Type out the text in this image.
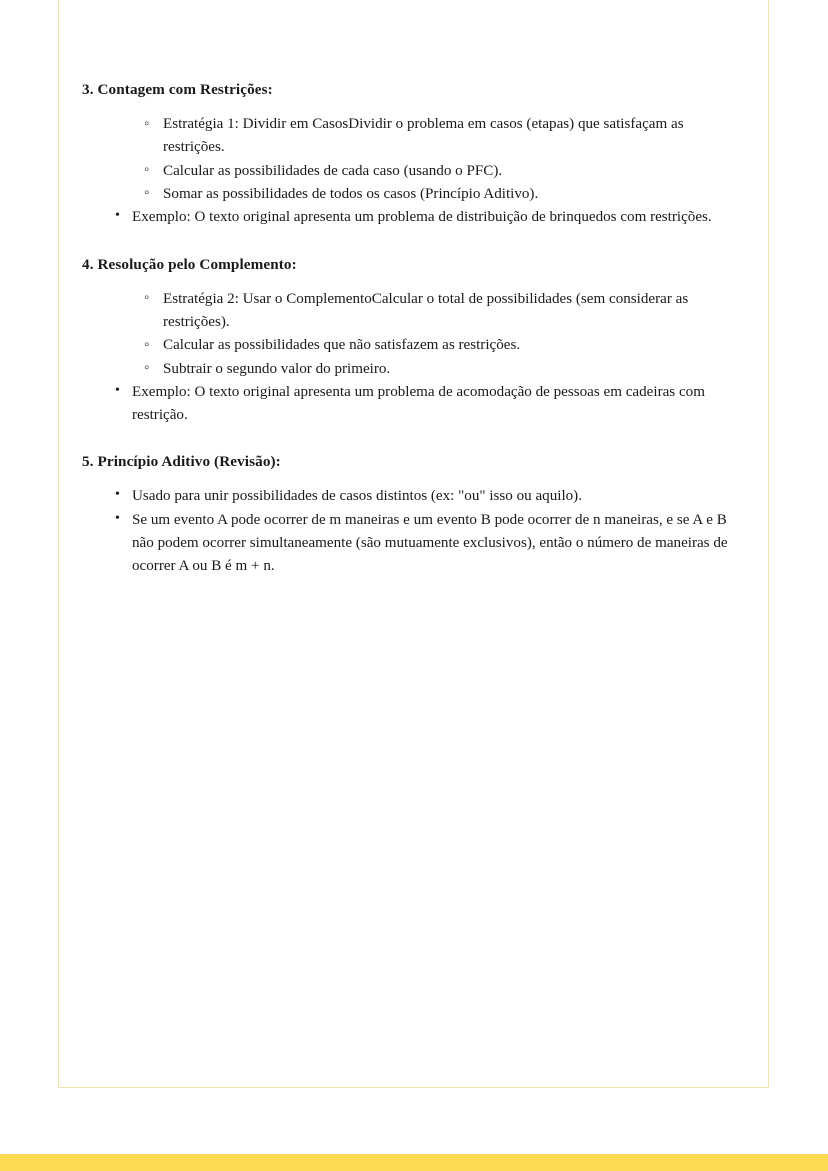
3. Contagem com Restrições:
◦ Estratégia 1: Dividir em CasosDividir o problema em casos (etapas) que satisfaçam as restrições.
◦ Calcular as possibilidades de cada caso (usando o PFC).
◦ Somar as possibilidades de todos os casos (Princípio Aditivo).
• Exemplo: O texto original apresenta um problema de distribuição de brinquedos com restrições.
4. Resolução pelo Complemento:
◦ Estratégia 2: Usar o ComplementoCalcular o total de possibilidades (sem considerar as restrições).
◦ Calcular as possibilidades que não satisfazem as restrições.
◦ Subtrair o segundo valor do primeiro.
• Exemplo: O texto original apresenta um problema de acomodação de pessoas em cadeiras com restrição.
5. Princípio Aditivo (Revisão):
• Usado para unir possibilidades de casos distintos (ex: "ou" isso ou aquilo).
• Se um evento A pode ocorrer de m maneiras e um evento B pode ocorrer de n maneiras, e se A e B não podem ocorrer simultaneamente (são mutuamente exclusivos), então o número de maneiras de ocorrer A ou B é m + n.
